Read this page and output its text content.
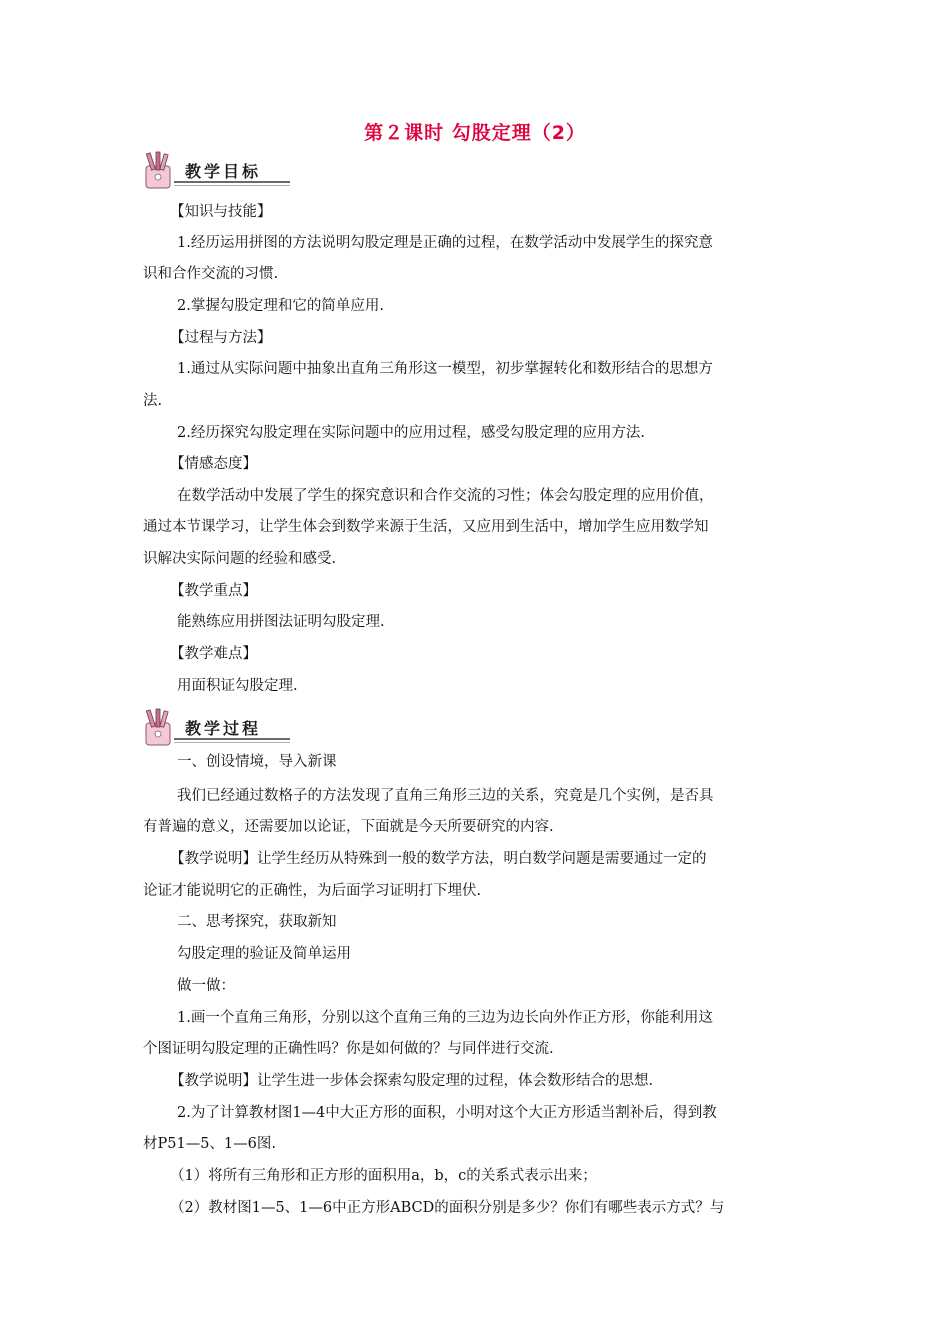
第２课时 勾股定理（2）
教学目标

【知识与技能】

1.经历运用拼图的方法说明勾股定理是正确的过程，在数学活动中发展学生的探究意

识和合作交流的习惯.

2.掌握勾股定理和它的简单应用.

【过程与方法】

1.通过从实际问题中抽象出直角三角形这一模型，初步掌握转化和数形结合的思想方

法.

2.经历探究勾股定理在实际问题中的应用过程，感受勾股定理的应用方法.

【情感态度】

在数学活动中发展了学生的探究意识和合作交流的习性；体会勾股定理的应用价值，

通过本节课学习，让学生体会到数学来源于生活，又应用到生活中，增加学生应用数学知

识解决实际问题的经验和感受.

【教学重点】

能熟练应用拼图法证明勾股定理.

【教学难点】

用面积证勾股定理.

教学过程

一、创设情境，导入新课

我们已经通过数格子的方法发现了直角三角形三边的关系，究竟是几个实例，是否具

有普遍的意义，还需要加以论证，下面就是今天所要研究的内容.

【教学说明】让学生经历从特殊到一般的数学方法，明白数学问题是需要通过一定的

论证才能说明它的正确性，为后面学习证明打下埋伏.

二、思考探究，获取新知

勾股定理的验证及简单运用

做一做：

1.画一个直角三角形，分别以这个直角三角的三边为边长向外作正方形，你能利用这

个图证明勾股定理的正确性吗？你是如何做的？与同伴进行交流.

【教学说明】让学生进一步体会探索勾股定理的过程，体会数形结合的思想.

2.为了计算教材图1—4中大正方形的面积，小明对这个大正方形适当割补后，得到教

材P51—5、1—6图.

（1）将所有三角形和正方形的面积用a，b，c的关系式表示出来；

（2）教材图1—5、1—6中正方形ABCD的面积分别是多少？你们有哪些表示方式？与
